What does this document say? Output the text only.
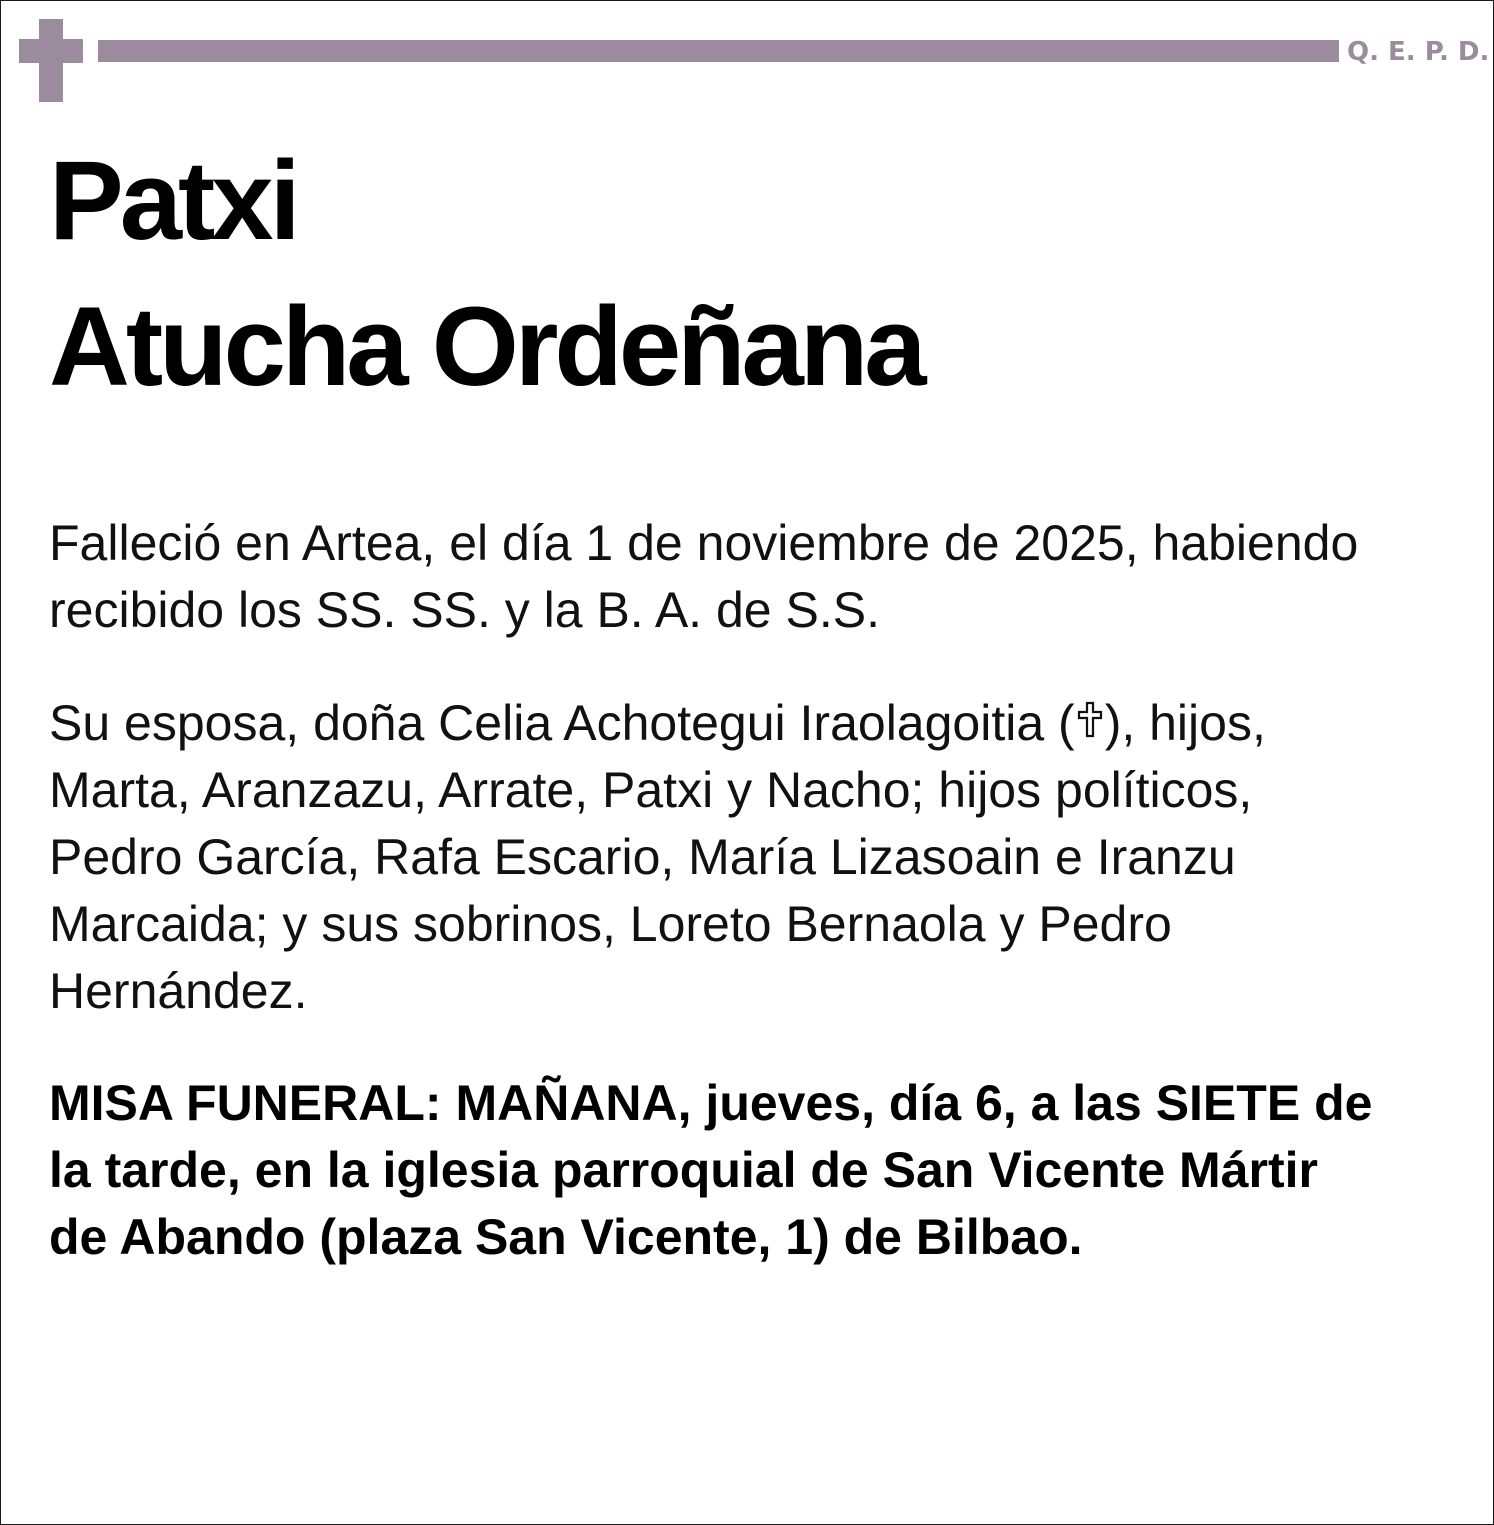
Q. E. P. D.
Patxi
Atucha Ordeñana

Falleció en Artea, el día 1 de noviembre de 2025, habiendo
recibido los SS. SS. y la B. A. de S.S.

Su esposa, doña Celia Achotegui Iraolagoitia ( ), hijos,
Marta, Aranzazu, Arrate, Patxi y Nacho; hijos políticos,
Pedro García, Rafa Escario, María Lizasoain e Iranzu
Marcaida; y sus sobrinos, Loreto Bernaola y Pedro
Hernández.

MISA FUNERAL: MAÑANA, jueves, día 6, a las SIETE de
la tarde, en la iglesia parroquial de San Vicente Mártir
de Abando (plaza San Vicente, 1) de Bilbao.
